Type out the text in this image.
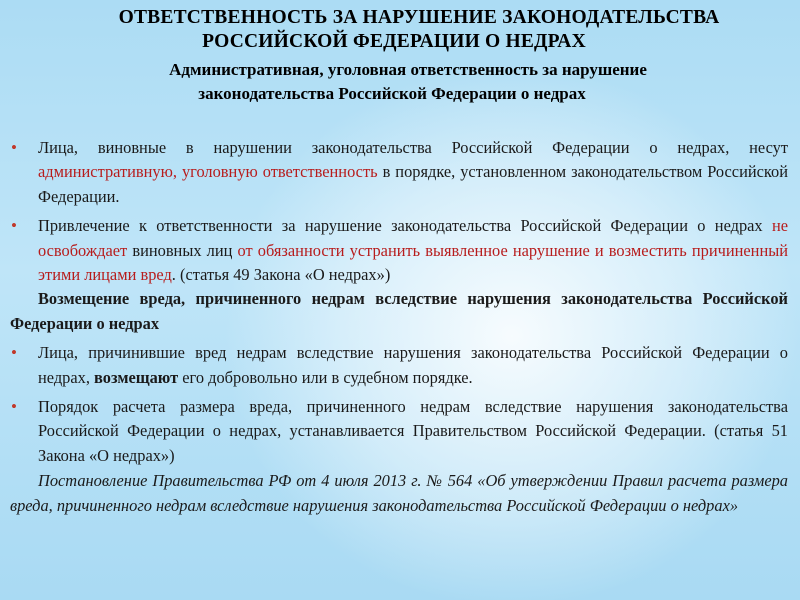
ОТВЕТСТВЕННОСТЬ ЗА НАРУШЕНИЕ ЗАКОНОДАТЕЛЬСТВА
РОССИЙСКОЙ ФЕДЕРАЦИИ О НЕДРАХ
Административная, уголовная ответственность за нарушение
законодательства Российской Федерации о недрах

• Лица, виновные в нарушении законодательства Российской Федерации о недрах, несут административную, уголовную ответственность в порядке, установленном законодательством Российской Федерации.

• Привлечение к ответственности за нарушение законодательства Российской Федерации о недрах не освобождает виновных лиц от обязанности устранить выявленное нарушение и возместить причиненный этими лицами вред. (статья 49 Закона «О недрах»)

Возмещение вреда, причиненного недрам вследствие нарушения законодательства Российской Федерации о недрах

• Лица, причинившие вред недрам вследствие нарушения законодательства Российской Федерации о недрах, возмещают его добровольно или в судебном порядке.

• Порядок расчета размера вреда, причиненного недрам вследствие нарушения законодательства Российской Федерации о недрах, устанавливается Правительством Российской Федерации. (статья 51 Закона «О недрах»)

Постановление Правительства РФ от 4 июля 2013 г. № 564 «Об утверждении Правил расчета размера вреда, причиненного недрам вследствие нарушения законодательства Российской Федерации о недрах»
